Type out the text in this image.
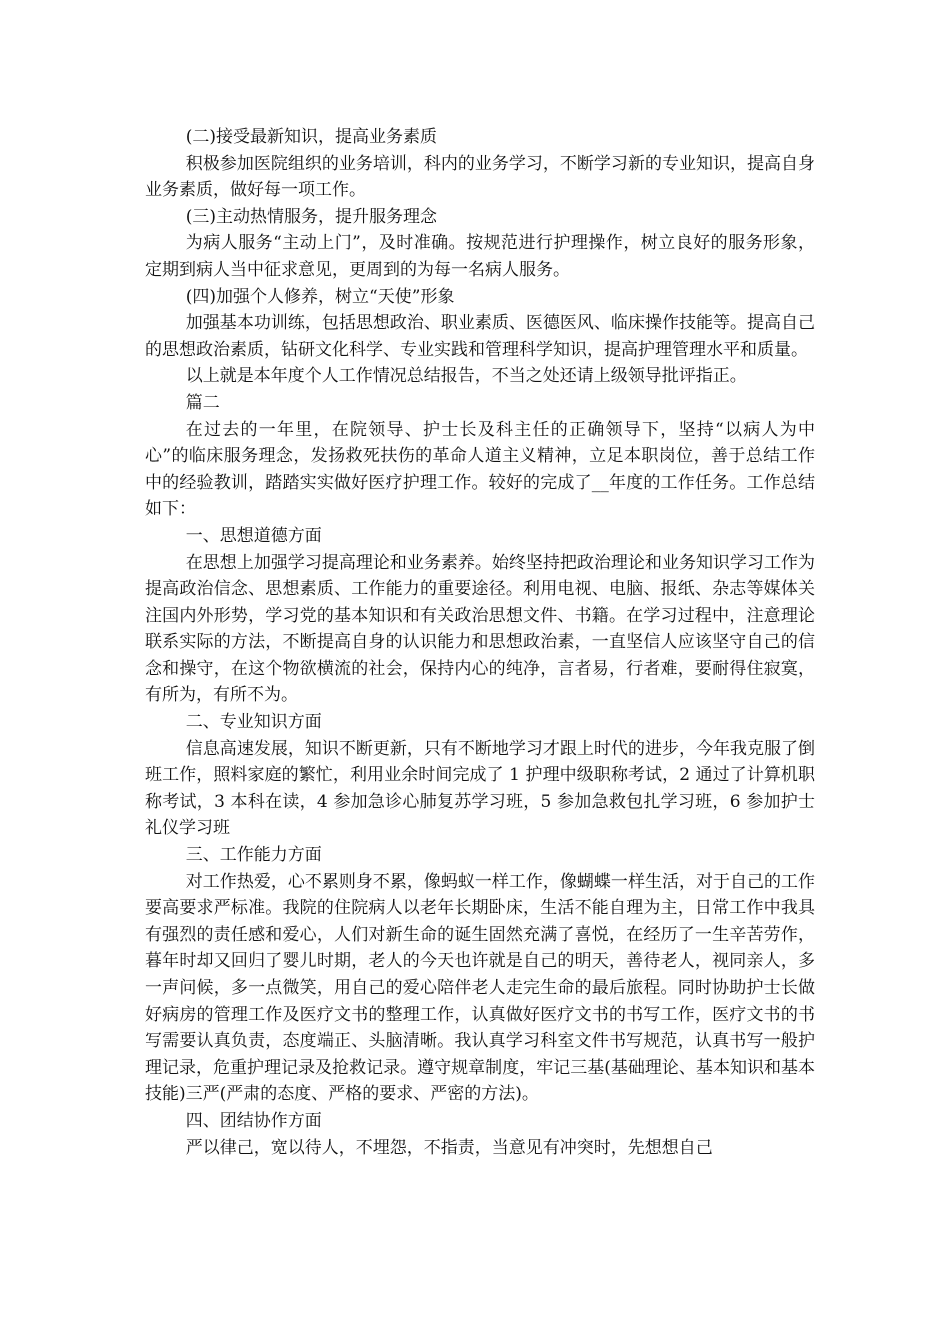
(二)接受最新知识，提高业务素质

积极参加医院组织的业务培训，科内的业务学习，不断学习新的专业知识，提高自身业务素质，做好每一项工作。

(三)主动热情服务，提升服务理念

为病人服务“主动上门”，及时准确。按规范进行护理操作，树立良好的服务形象，定期到病人当中征求意见，更周到的为每一名病人服务。

(四)加强个人修养，树立“天使”形象

加强基本功训练，包括思想政治、职业素质、医德医风、临床操作技能等。提高自己的思想政治素质，钻研文化科学、专业实践和管理科学知识，提高护理管理水平和质量。

以上就是本年度个人工作情况总结报告，不当之处还请上级领导批评指正。

篇二

在过去的一年里，在院领导、护士长及科主任的正确领导下，坚持“以病人为中心”的临床服务理念，发扬救死扶伤的革命人道主义精神，立足本职岗位，善于总结工作中的经验教训，踏踏实实做好医疗护理工作。较好的完成了__年度的工作任务。工作总结如下：

一、思想道德方面

在思想上加强学习提高理论和业务素养。始终坚持把政治理论和业务知识学习工作为提高政治信念、思想素质、工作能力的重要途径。利用电视、电脑、报纸、杂志等媒体关注国内外形势，学习党的基本知识和有关政治思想文件、书籍。在学习过程中，注意理论联系实际的方法，不断提高自身的认识能力和思想政治素，一直坚信人应该坚守自己的信念和操守，在这个物欲横流的社会，保持内心的纯净，言者易，行者难，要耐得住寂寞，有所为，有所不为。

二、专业知识方面

信息高速发展，知识不断更新，只有不断地学习才跟上时代的进步，今年我克服了倒班工作，照料家庭的繁忙，利用业余时间完成了 1 护理中级职称考试，2 通过了计算机职称考试，3 本科在读，4 参加急诊心肺复苏学习班，5 参加急救包扎学习班，6 参加护士礼仪学习班

三、工作能力方面

对工作热爱，心不累则身不累，像蚂蚁一样工作，像蝴蝶一样生活，对于自己的工作要高要求严标准。我院的住院病人以老年长期卧床，生活不能自理为主，日常工作中我具有强烈的责任感和爱心，人们对新生命的诞生固然充满了喜悦，在经历了一生辛苦劳作，暮年时却又回归了婴儿时期，老人的今天也许就是自己的明天，善待老人，视同亲人，多一声问候，多一点微笑，用自己的爱心陪伴老人走完生命的最后旅程。同时协助护士长做好病房的管理工作及医疗文书的整理工作，认真做好医疗文书的书写工作，医疗文书的书写需要认真负责，态度端正、头脑清晰。我认真学习科室文件书写规范，认真书写一般护理记录，危重护理记录及抢救记录。遵守规章制度，牢记三基(基础理论、基本知识和基本技能)三严(严肃的态度、严格的要求、严密的方法)。

四、团结协作方面

严以律己，宽以待人，不埋怨，不指责，当意见有冲突时，先想想自己
